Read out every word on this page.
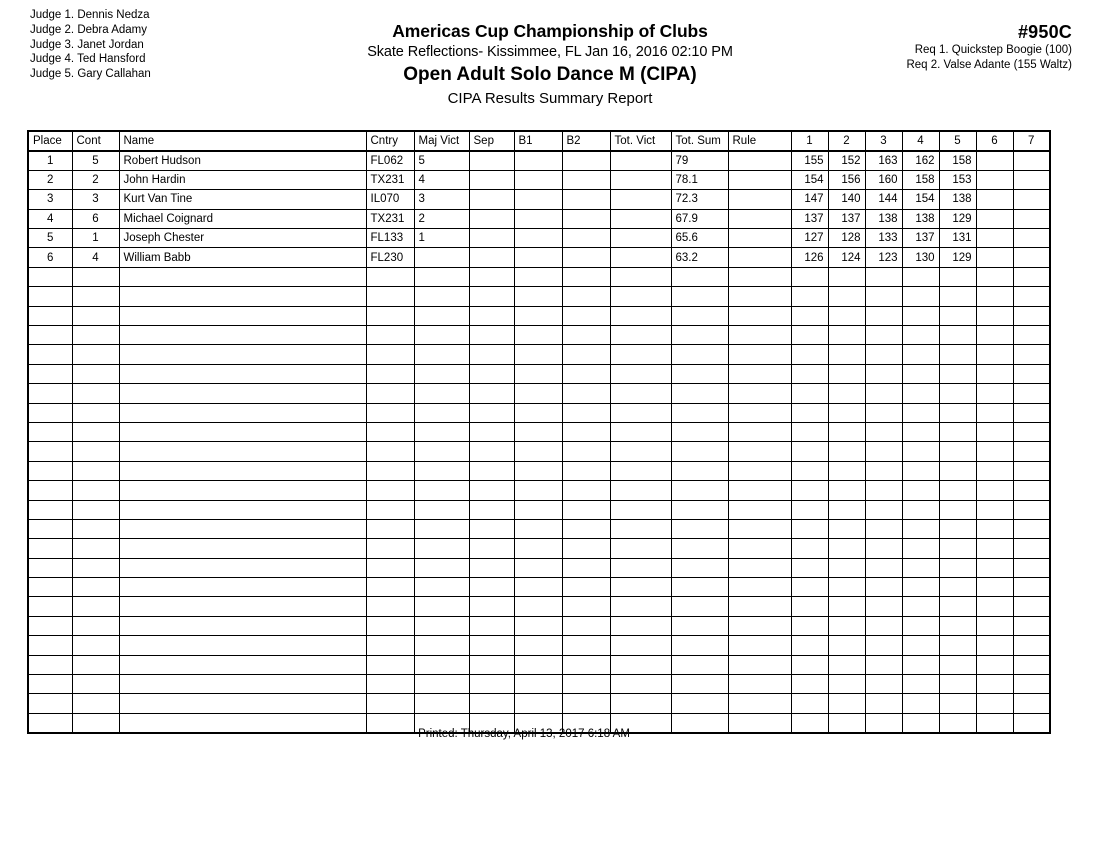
Judge 1. Dennis Nedza
Judge 2. Debra Adamy
Judge 3. Janet Jordan
Judge 4. Ted Hansford
Judge 5. Gary Callahan
Americas Cup Championship of Clubs
Skate Reflections- Kissimmee, FL Jan 16, 2016 02:10 PM
Open Adult Solo Dance M (CIPA)
CIPA Results Summary Report
#950C
Req 1. Quickstep Boogie (100)
Req 2. Valse Adante (155 Waltz)
Place	Cont	Name	Cntry	Maj Vict	Sep	B1	B2	Tot. Vict	Tot. Sum	Rule	1	2	3	4	5	6	7
1	5	Robert Hudson	FL062	5					79		155	152	163	162	158		
2	2	John Hardin	TX231	4					78.1		154	156	160	158	153		
3	3	Kurt Van Tine	IL070	3					72.3		147	140	144	154	138		
4	6	Michael Coignard	TX231	2					67.9		137	137	138	138	129		
5	1	Joseph Chester	FL133	1					65.6		127	128	133	137	131		
6	4	William Babb	FL230						63.2		126	124	123	130	129		

Printed: Thursday, April 13, 2017 6:18 AM
